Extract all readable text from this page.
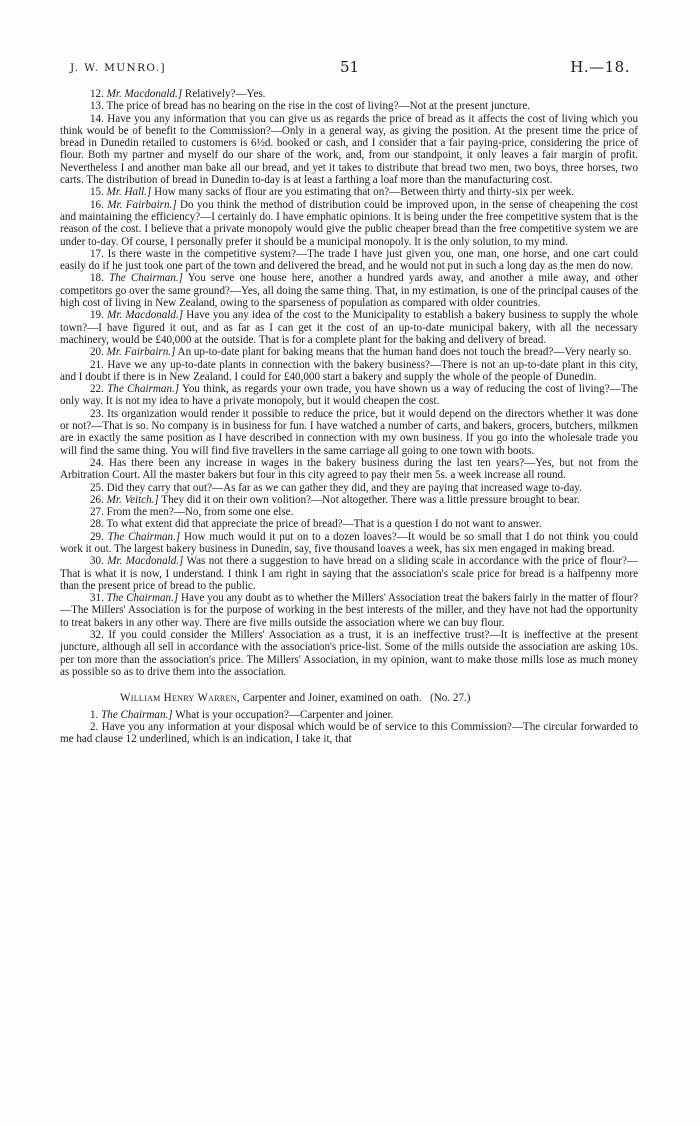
J. W. MUNRO.]	51	H.—18.

12. Mr. Macdonald.] Relatively?—Yes.

13. The price of bread has no bearing on the rise in the cost of living?—Not at the present juncture.

14. Have you any information that you can give us as regards the price of bread as it affects the cost of living which you think would be of benefit to the Commission?—Only in a general way, as giving the position. At the present time the price of bread in Dunedin retailed to customers is 6½d. booked or cash, and I consider that a fair paying-price, considering the price of flour. Both my partner and myself do our share of the work, and, from our standpoint, it only leaves a fair margin of profit. Nevertheless I and another man bake all our bread, and yet it takes to distribute that bread two men, two boys, three horses, two carts. The distribution of bread in Dunedin to-day is at least a farthing a loaf more than the manufacturing cost.

15. Mr. Hall.] How many sacks of flour are you estimating that on?—Between thirty and thirty-six per week.

16. Mr. Fairbairn.] Do you think the method of distribution could be improved upon, in the sense of cheapening the cost and maintaining the efficiency?—I certainly do. I have emphatic opinions. It is being under the free competitive system that is the reason of the cost. I believe that a private monopoly would give the public cheaper bread than the free competitive system we are under to-day. Of course, I personally prefer it should be a municipal monopoly. It is the only solution, to my mind.

17. Is there waste in the competitive system?—The trade I have just given you, one man, one horse, and one cart could easily do if he just took one part of the town and delivered the bread, and he would not put in such a long day as the men do now.

18. The Chairman.] You serve one house here, another a hundred yards away, and another a mile away, and other competitors go over the same ground?—Yes, all doing the same thing. That, in my estimation, is one of the principal causes of the high cost of living in New Zealand, owing to the sparseness of population as compared with older countries.

19. Mr. Macdonald.] Have you any idea of the cost to the Municipality to establish a bakery business to supply the whole town?—I have figured it out, and as far as I can get it the cost of an up-to-date municipal bakery, with all the necessary machinery, would be £40,000 at the outside. That is for a complete plant for the baking and delivery of bread.

20. Mr. Fairbairn.] An up-to-date plant for baking means that the human hand does not touch the bread?—Very nearly so.

21. Have we any up-to-date plants in connection with the bakery business?—There is not an up-to-date plant in this city, and I doubt if there is in New Zealand. I could for £40,000 start a bakery and supply the whole of the people of Dunedin.

22. The Chairman.] You think, as regards your own trade, you have shown us a way of reducing the cost of living?—The only way. It is not my idea to have a private monopoly, but it would cheapen the cost.

23. Its organization would render it possible to reduce the price, but it would depend on the directors whether it was done or not?—That is so. No company is in business for fun. I have watched a number of carts, and bakers, grocers, butchers, milkmen are in exactly the same position as I have described in connection with my own business. If you go into the wholesale trade you will find the same thing. You will find five travellers in the same carriage all going to one town with boots.

24. Has there been any increase in wages in the bakery business during the last ten years?—Yes, but not from the Arbitration Court. All the master bakers but four in this city agreed to pay their men 5s. a week increase all round.

25. Did they carry that out?—As far as we can gather they did, and they are paying that increased wage to-day.

26. Mr. Veitch.] They did it on their own volition?—Not altogether. There was a little pressure brought to bear.

27. From the men?—No, from some one else.

28. To what extent did that appreciate the price of bread?—That is a question I do not want to answer.

29. The Chairman.] How much would it put on to a dozen loaves?—It would be so small that I do not think you could work it out. The largest bakery business in Dunedin, say, five thousand loaves a week, has six men engaged in making bread.

30. Mr. Macdonald.] Was not there a suggestion to have bread on a sliding scale in accordance with the price of flour?—That is what it is now, I understand. I think I am right in saying that the association's scale price for bread is a halfpenny more than the present price of bread to the public.

31. The Chairman.] Have you any doubt as to whether the Millers' Association treat the bakers fairly in the matter of flour?—The Millers' Association is for the purpose of working in the best interests of the miller, and they have not had the opportunity to treat bakers in any other way. There are five mills outside the association where we can buy flour.

32. If you could consider the Millers' Association as a trust, it is an ineffective trust?—It is ineffective at the present juncture, although all sell in accordance with the association's price-list. Some of the mills outside the association are asking 10s. per ton more than the association's price. The Millers' Association, in my opinion, want to make those mills lose as much money as possible so as to drive them into the association.

William Henry Warren, Carpenter and Joiner, examined on oath. (No. 27.)

1. The Chairman.] What is your occupation?—Carpenter and joiner.

2. Have you any information at your disposal which would be of service to this Commission?—The circular forwarded to me had clause 12 underlined, which is an indication, I take it, that
